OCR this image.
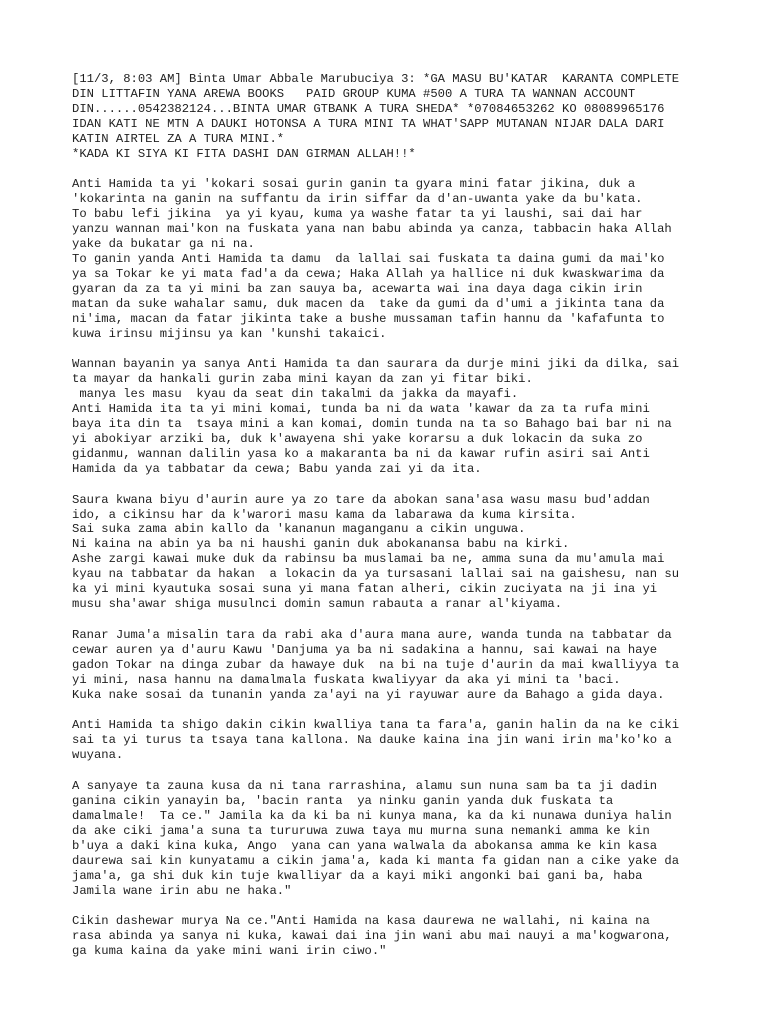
[11/3, 8:03 AM] Binta Umar Abbale Marubuciya 3: *GA MASU BU'KATAR  KARANTA COMPLETE
DIN LITTAFIN YANA AREWA BOOKS   PAID GROUP KUMA #500 A TURA TA WANNAN ACCOUNT
DIN......0542382124...BINTA UMAR GTBANK A TURA SHEDA* *07084653262 KO 08089965176
IDAN KATI NE MTN A DAUKI HOTONSA A TURA MINI TA WHAT'SAPP MUTANAN NIJAR DALA DARI
KATIN AIRTEL ZA A TURA MINI.*
*KADA KI SIYA KI FITA DASHI DAN GIRMAN ALLAH!!*
Anti Hamida ta yi 'kokari sosai gurin ganin ta gyara mini fatar jikina, duk a
'kokarinta na ganin na suffantu da irin siffar da d'an-uwanta yake da bu'kata.
To babu lefi jikina  ya yi kyau, kuma ya washe fatar ta yi laushi, sai dai har
yanzu wannan mai'kon na fuskata yana nan babu abinda ya canza, tabbacin haka Allah
yake da bukatar ga ni na.
To ganin yanda Anti Hamida ta damu  da lallai sai fuskata ta daina gumi da mai'ko
ya sa Tokar ke yi mata fad'a da cewa; Haka Allah ya hallice ni duk kwaskwarima da
gyaran da za ta yi mini ba zan sauya ba, acewarta wai ina daya daga cikin irin
matan da suke wahalar samu, duk macen da  take da gumi da d'umi a jikinta tana da
ni'ima, macan da fatar jikinta take a bushe mussaman tafin hannu da 'kafafunta to
kuwa irinsu mijinsu ya kan 'kunshi takaici.
Wannan bayanin ya sanya Anti Hamida ta dan saurara da durje mini jiki da dilka, sai
ta mayar da hankali gurin zaba mini kayan da zan yi fitar biki.
manya les masu  kyau da seat din takalmi da jakka da mayafi.
Anti Hamida ita ta yi mini komai, tunda ba ni da wata 'kawar da za ta rufa mini
baya ita din ta  tsaya mini a kan komai, domin tunda na ta so Bahago bai bar ni na
yi abokiyar arziki ba, duk k'awayena shi yake korarsu a duk lokacin da suka zo
gidanmu, wannan dalilin yasa ko a makaranta ba ni da kawar rufin asiri sai Anti
Hamida da ya tabbatar da cewa; Babu yanda zai yi da ita.
Saura kwana biyu d'aurin aure ya zo tare da abokan sana'asa wasu masu bud'addan
ido, a cikinsu har da k'warori masu kama da labarawa da kuma kirsita.
Sai suka zama abin kallo da 'kananun maganganu a cikin unguwa.
Ni kaina na abin ya ba ni haushi ganin duk abokanansa babu na kirki.
Ashe zargi kawai muke duk da rabinsu ba muslamai ba ne, amma suna da mu'amula mai
kyau na tabbatar da hakan  a lokacin da ya tursasani lallai sai na gaishesu, nan su
ka yi mini kyautuka sosai suna yi mana fatan alheri, cikin zuciyata na ji ina yi
musu sha'awar shiga musulnci domin samun rabauta a ranar al'kiyama.
Ranar Juma'a misalin tara da rabi aka d'aura mana aure, wanda tunda na tabbatar da
cewar auren ya d'auru Kawu 'Danjuma ya ba ni sadakina a hannu, sai kawai na haye
gadon Tokar na dinga zubar da hawaye duk  na bi na tuje d'aurin da mai kwalliyya ta
yi mini, nasa hannu na damalmala fuskata kwaliyyar da aka yi mini ta 'baci.
Kuka nake sosai da tunanin yanda za'ayi na yi rayuwar aure da Bahago a gida daya.
Anti Hamida ta shigo dakin cikin kwalliya tana ta fara'a, ganin halin da na ke ciki
sai ta yi turus ta tsaya tana kallona. Na dauke kaina ina jin wani irin ma'ko'ko a
wuyana.
A sanyaye ta zauna kusa da ni tana rarrashina, alamu sun nuna sam ba ta ji dadin
ganina cikin yanayin ba, 'bacin ranta  ya ninku ganin yanda duk fuskata ta
damalmale!  Ta ce." Jamila ka da ki ba ni kunya mana, ka da ki nunawa duniya halin
da ake ciki jama'a suna ta tururuwa zuwa taya mu murna suna nemanki amma ke kin
b'uya a daki kina kuka, Ango  yana can yana walwala da abokansa amma ke kin kasa
daurewa sai kin kunyatamu a cikin jama'a, kada ki manta fa gidan nan a cike yake da
jama'a, ga shi duk kin tuje kwalliyar da a kayi miki angonki bai gani ba, haba
Jamila wane irin abu ne haka."
Cikin dashewar murya Na ce."Anti Hamida na kasa daurewa ne wallahi, ni kaina na
rasa abinda ya sanya ni kuka, kawai dai ina jin wani abu mai nauyi a ma'kogwarona,
ga kuma kaina da yake mini wani irin ciwo."
